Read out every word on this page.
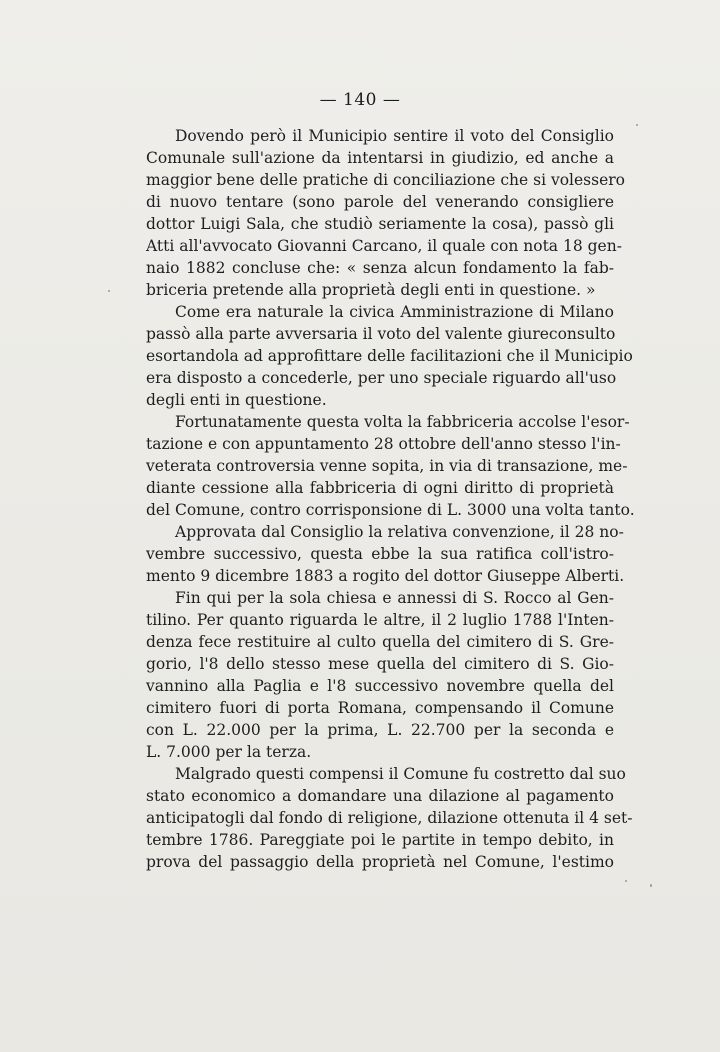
— 140 —

Dovendo però il Municipio sentire il voto del Consiglio

Comunale sull'azione da intentarsi in giudizio, ed anche a

maggior bene delle pratiche di conciliazione che si volessero

di nuovo tentare (sono parole del venerando consigliere

dottor Luigi Sala, che studiò seriamente la cosa), passò gli

Atti all'avvocato Giovanni Carcano, il quale con nota 18 gen-

naio 1882 concluse che: « senza alcun fondamento la fab-

briceria pretende alla proprietà degli enti in questione. »

Come era naturale la civica Amministrazione di Milano

passò alla parte avversaria il voto del valente giureconsulto

esortandola ad approfittare delle facilitazioni che il Municipio

era disposto a concederle, per uno speciale riguardo all'uso

degli enti in questione.

Fortunatamente questa volta la fabbriceria accolse l'esor-

tazione e con appuntamento 28 ottobre dell'anno stesso l'in-

veterata controversia venne sopita, in via di transazione, me-

diante cessione alla fabbriceria di ogni diritto di proprietà

del Comune, contro corrisponsione di L. 3000 una volta tanto.

Approvata dal Consiglio la relativa convenzione, il 28 no-

vembre successivo, questa ebbe la sua ratifica coll'istro-

mento 9 dicembre 1883 a rogito del dottor Giuseppe Alberti.

Fin qui per la sola chiesa e annessi di S. Rocco al Gen-

tilino. Per quanto riguarda le altre, il 2 luglio 1788 l'Inten-

denza fece restituire al culto quella del cimitero di S. Gre-

gorio, l'8 dello stesso mese quella del cimitero di S. Gio-

vannino alla Paglia e l'8 successivo novembre quella del

cimitero fuori di porta Romana, compensando il Comune

con L. 22.000 per la prima, L. 22.700 per la seconda e

L. 7.000 per la terza.

Malgrado questi compensi il Comune fu costretto dal suo

stato economico a domandare una dilazione al pagamento

anticipatogli dal fondo di religione, dilazione ottenuta il 4 set-

tembre 1786. Pareggiate poi le partite in tempo debito, in

prova del passaggio della proprietà nel Comune, l'estimo
